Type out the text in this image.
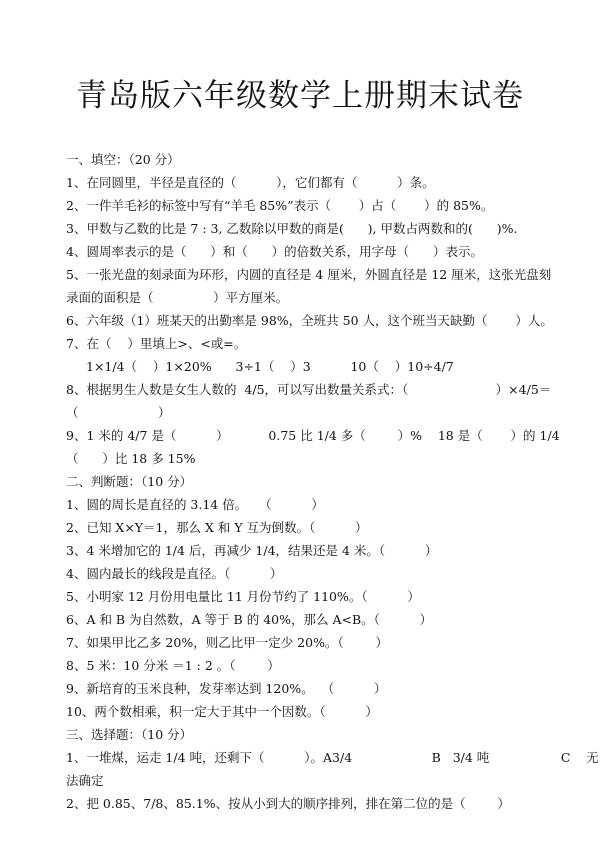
青岛版六年级数学上册期末试卷
一、填空：（20 分）
1、在同圆里，半径是直径的（          ），它们都有（          ）条。
2、一件羊毛衫的标签中写有“羊毛 85%”表示（       ）占（       ）的 85%。
3、甲数与乙数的比是 7 : 3, 乙数除以甲数的商是(      ), 甲数占两数和的(      )%.
4、圆周率表示的是（      ）和（      ）的倍数关系，用字母（      ）表示。
5、一张光盘的刻录面为环形，内圆的直径是 4 厘米，外圆直径是 12 厘米，这张光盘刻
录面的面积是（               ）平方厘米。
6、六年级（1）班某天的出勤率是 98%，全班共 50 人，这个班当天缺勤（       ）人。
7、在（    ）里填上>、<或=。
1×1/4（    ）1×20%      3÷1（    ）3          10（    ）10÷4/7
8、根据男生人数是女生人数的  4/5，可以写出数量关系式：（                      ）×4/5＝
（                    ）
9、1 米的 4/7 是（          ）          0.75 比 1/4 多（        ）%    18 是（       ）的 1/4
（      ）比 18 多 15%
二、判断题：（10 分）
1、圆的周长是直径的 3.14 倍。   （          ）
2、已知 X×Y＝1，那么 X 和 Y 互为倒数。（          ）
3、4 米增加它的 1/4 后，再减少 1/4，结果还是 4 米。（          ）
4、圆内最长的线段是直径。（          ）
5、小明家 12 月份用电量比 11 月份节约了 110%。（          ）
6、A 和 B 为自然数，A 等于 B 的 40%，那么 A<B。（          ）
7、如果甲比乙多 20%，则乙比甲一定少 20%。（        ）
8、5 米：10 分米 ＝1 : 2 。（        ）
9、新培育的玉米良种，发芽率达到 120%。  （          ）
10、两个数相乘，积一定大于其中一个因数。（          ）
三、选择题：（10 分）
1、一堆煤，运走 1/4 吨，还剩下（          ）。A3/4                    B   3/4 吨                  C    无
法确定
2、把 0.85、7/8、85.1%、按从小到大的顺序排列，排在第二位的是（        ）
